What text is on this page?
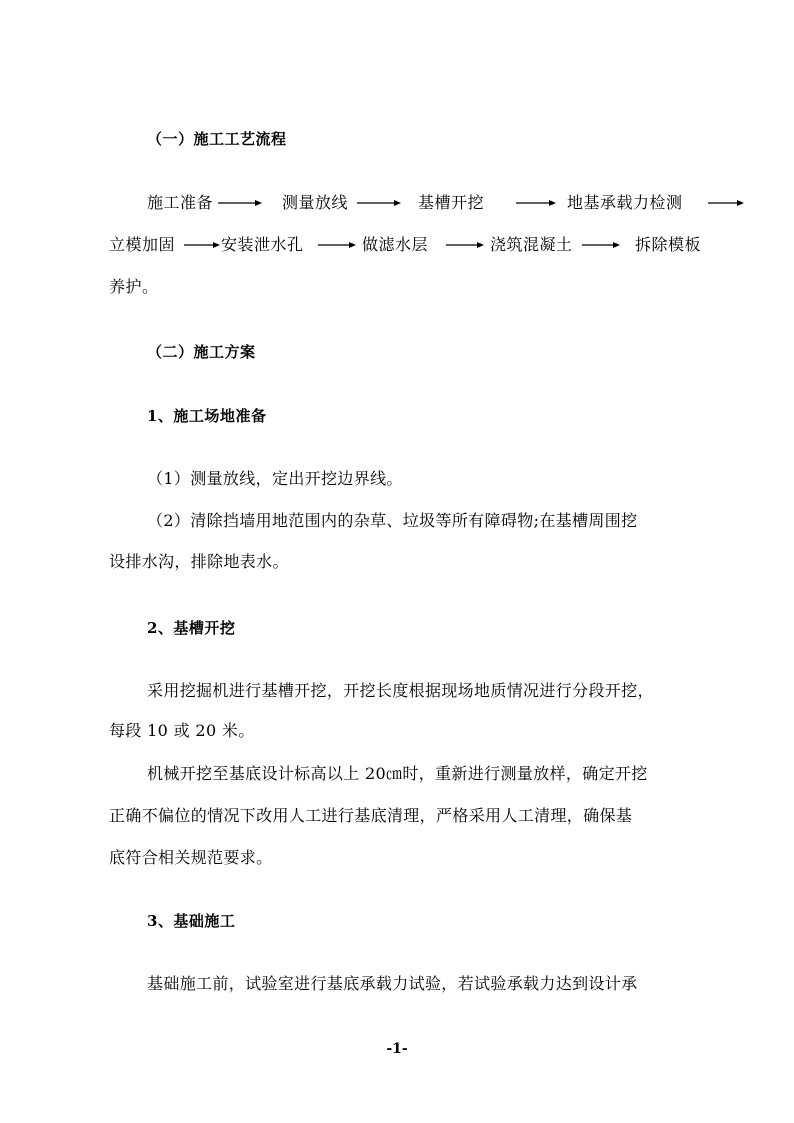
（一）施工工艺流程
施工准备	测量放线	基槽开挖	地基承载力检测
立模加固	安装泄水孔	做滤水层	浇筑混凝土	拆除模板
养护。
（二）施工方案
1、施工场地准备
（1）测量放线，定出开挖边界线。
（2）清除挡墙用地范围内的杂草、垃圾等所有障碍物;在基槽周围挖
设排水沟，排除地表水。
2、基槽开挖
采用挖掘机进行基槽开挖，开挖长度根据现场地质情况进行分段开挖，
每段 10 或 20 米。
机械开挖至基底设计标高以上 20㎝时，重新进行测量放样，确定开挖
正确不偏位的情况下改用人工进行基底清理，严格采用人工清理，确保基
底符合相关规范要求。
3、基础施工
基础施工前，试验室进行基底承载力试验，若试验承载力达到设计承
-1-
